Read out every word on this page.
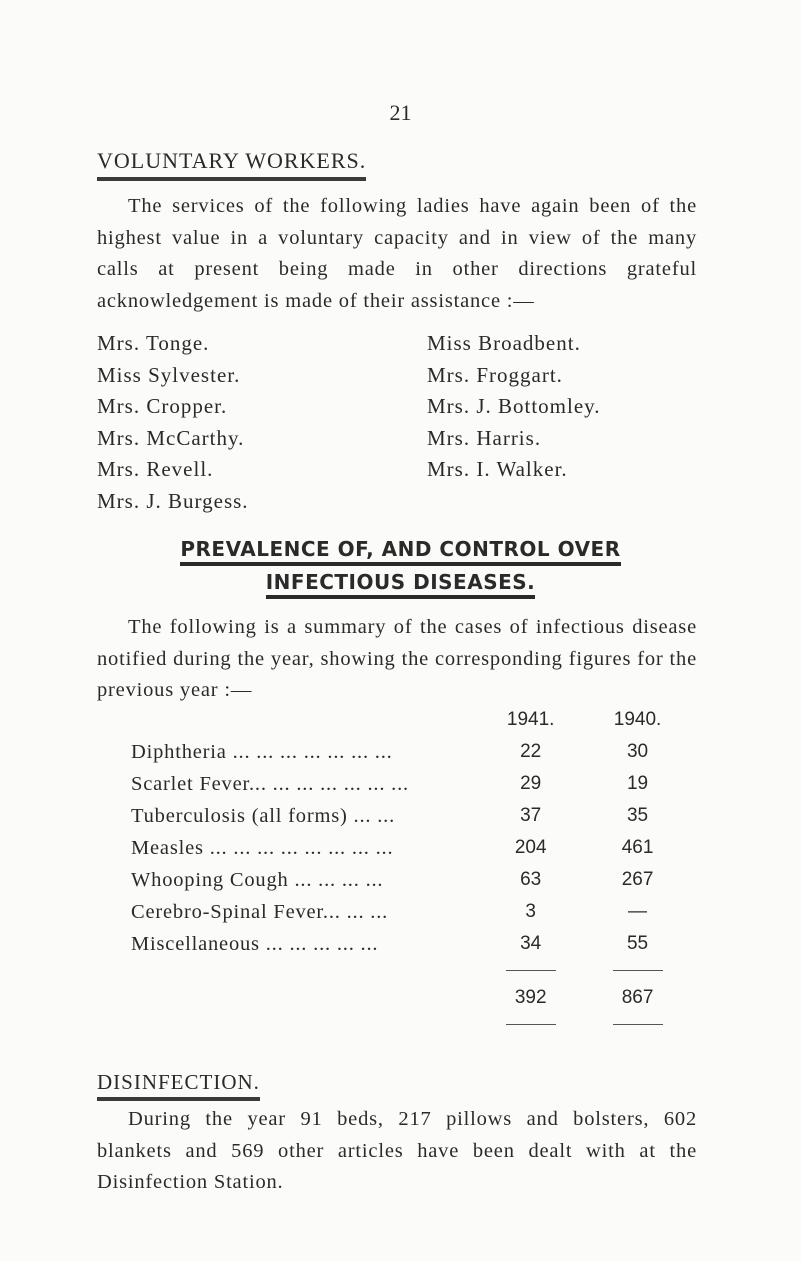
21
VOLUNTARY WORKERS.

The services of the following ladies have again been of the highest value in a voluntary capacity and in view of the many calls at present being made in other directions grateful acknowledgement is made of their assistance :—

Mrs. Tonge.
Miss Sylvester.
Mrs. Cropper.
Mrs. McCarthy.
Mrs. Revell.
Mrs. J. Burgess.
Miss Broadbent.
Mrs. Froggart.
Mrs. J. Bottomley.
Mrs. Harris.
Mrs. I. Walker.
PREVALENCE OF, AND CONTROL OVER
INFECTIOUS DISEASES.

The following is a summary of the cases of infectious disease notified during the year, showing the corresponding figures for the previous year :—

	1941.	1940.
Diphtheria ... ... ... ... ... ... ...	22	30
Scarlet Fever... ... ... ... ... ... ...	29	19
Tuberculosis (all forms) ... ...	37	35
Measles ... ... ... ... ... ... ... ...	204	461
Whooping Cough ... ... ... ...	63	267
Cerebro-Spinal Fever... ... ...	3	—
Miscellaneous ... ... ... ... ...	34	55

	392	867

DISINFECTION.

During the year 91 beds, 217 pillows and bolsters, 602 blankets and 569 other articles have been dealt with at the Disinfection Station.
